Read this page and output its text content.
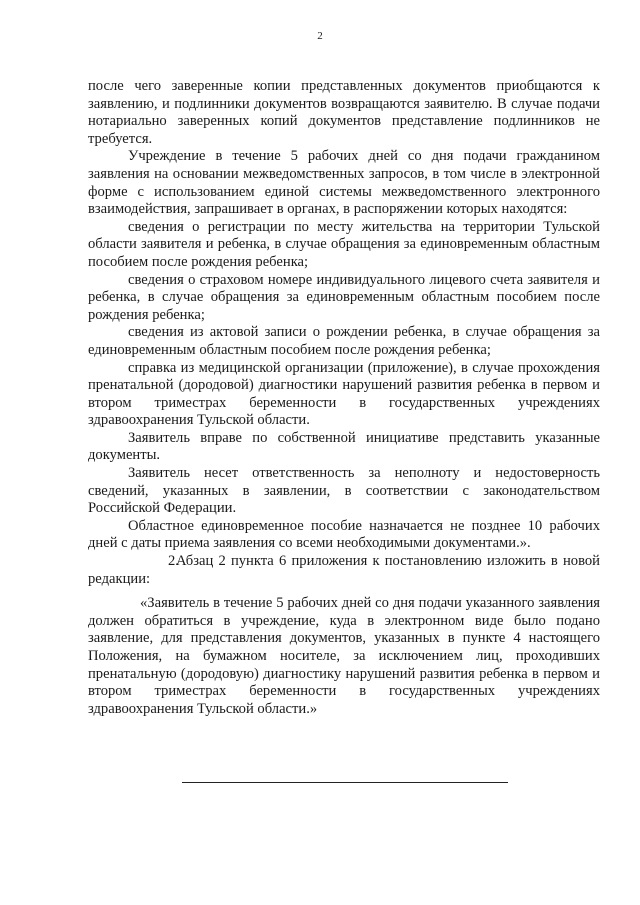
2

после чего заверенные копии представленных документов приобщаются к заявлению, и подлинники документов возвращаются заявителю. В случае подачи нотариально заверенных копий документов представление подлинников не требуется.

Учреждение в течение 5 рабочих дней со дня подачи гражданином заявления на основании межведомственных запросов, в том числе в электронной форме с использованием единой системы межведомственного электронного взаимодействия, запрашивает в органах, в распоряжении которых находятся:

сведения о регистрации по месту жительства на территории Тульской области заявителя и ребенка, в случае обращения за единовременным областным пособием после рождения ребенка;

сведения о страховом номере индивидуального лицевого счета заявителя и ребенка, в случае обращения за единовременным областным пособием после рождения ребенка;

сведения из актовой записи о рождении ребенка, в случае обращения за единовременным областным пособием после рождения ребенка;

справка из медицинской организации (приложение), в случае прохождения пренатальной (дородовой) диагностики нарушений развития ребенка в первом и втором триместрах беременности в государственных учреждениях здравоохранения Тульской области.

Заявитель вправе по собственной инициативе представить указанные документы.

Заявитель несет ответственность за неполноту и недостоверность сведений, указанных в заявлении, в соответствии с законодательством Российской Федерации.

Областное единовременное пособие назначается не позднее 10 рабочих дней с даты приема заявления со всеми необходимыми документами.».

2.Абзац 2 пункта 6 приложения к постановлению изложить в новой редакции:

«Заявитель в течение 5 рабочих дней со дня подачи указанного заявления должен обратиться в учреждение, куда в электронном виде было подано заявление, для представления документов, указанных в пункте 4 настоящего Положения, на бумажном носителе, за исключением лиц, проходивших пренатальную (дородовую) диагностику нарушений развития ребенка в первом и втором триместрах беременности в государственных учреждениях здравоохранения Тульской области.»
